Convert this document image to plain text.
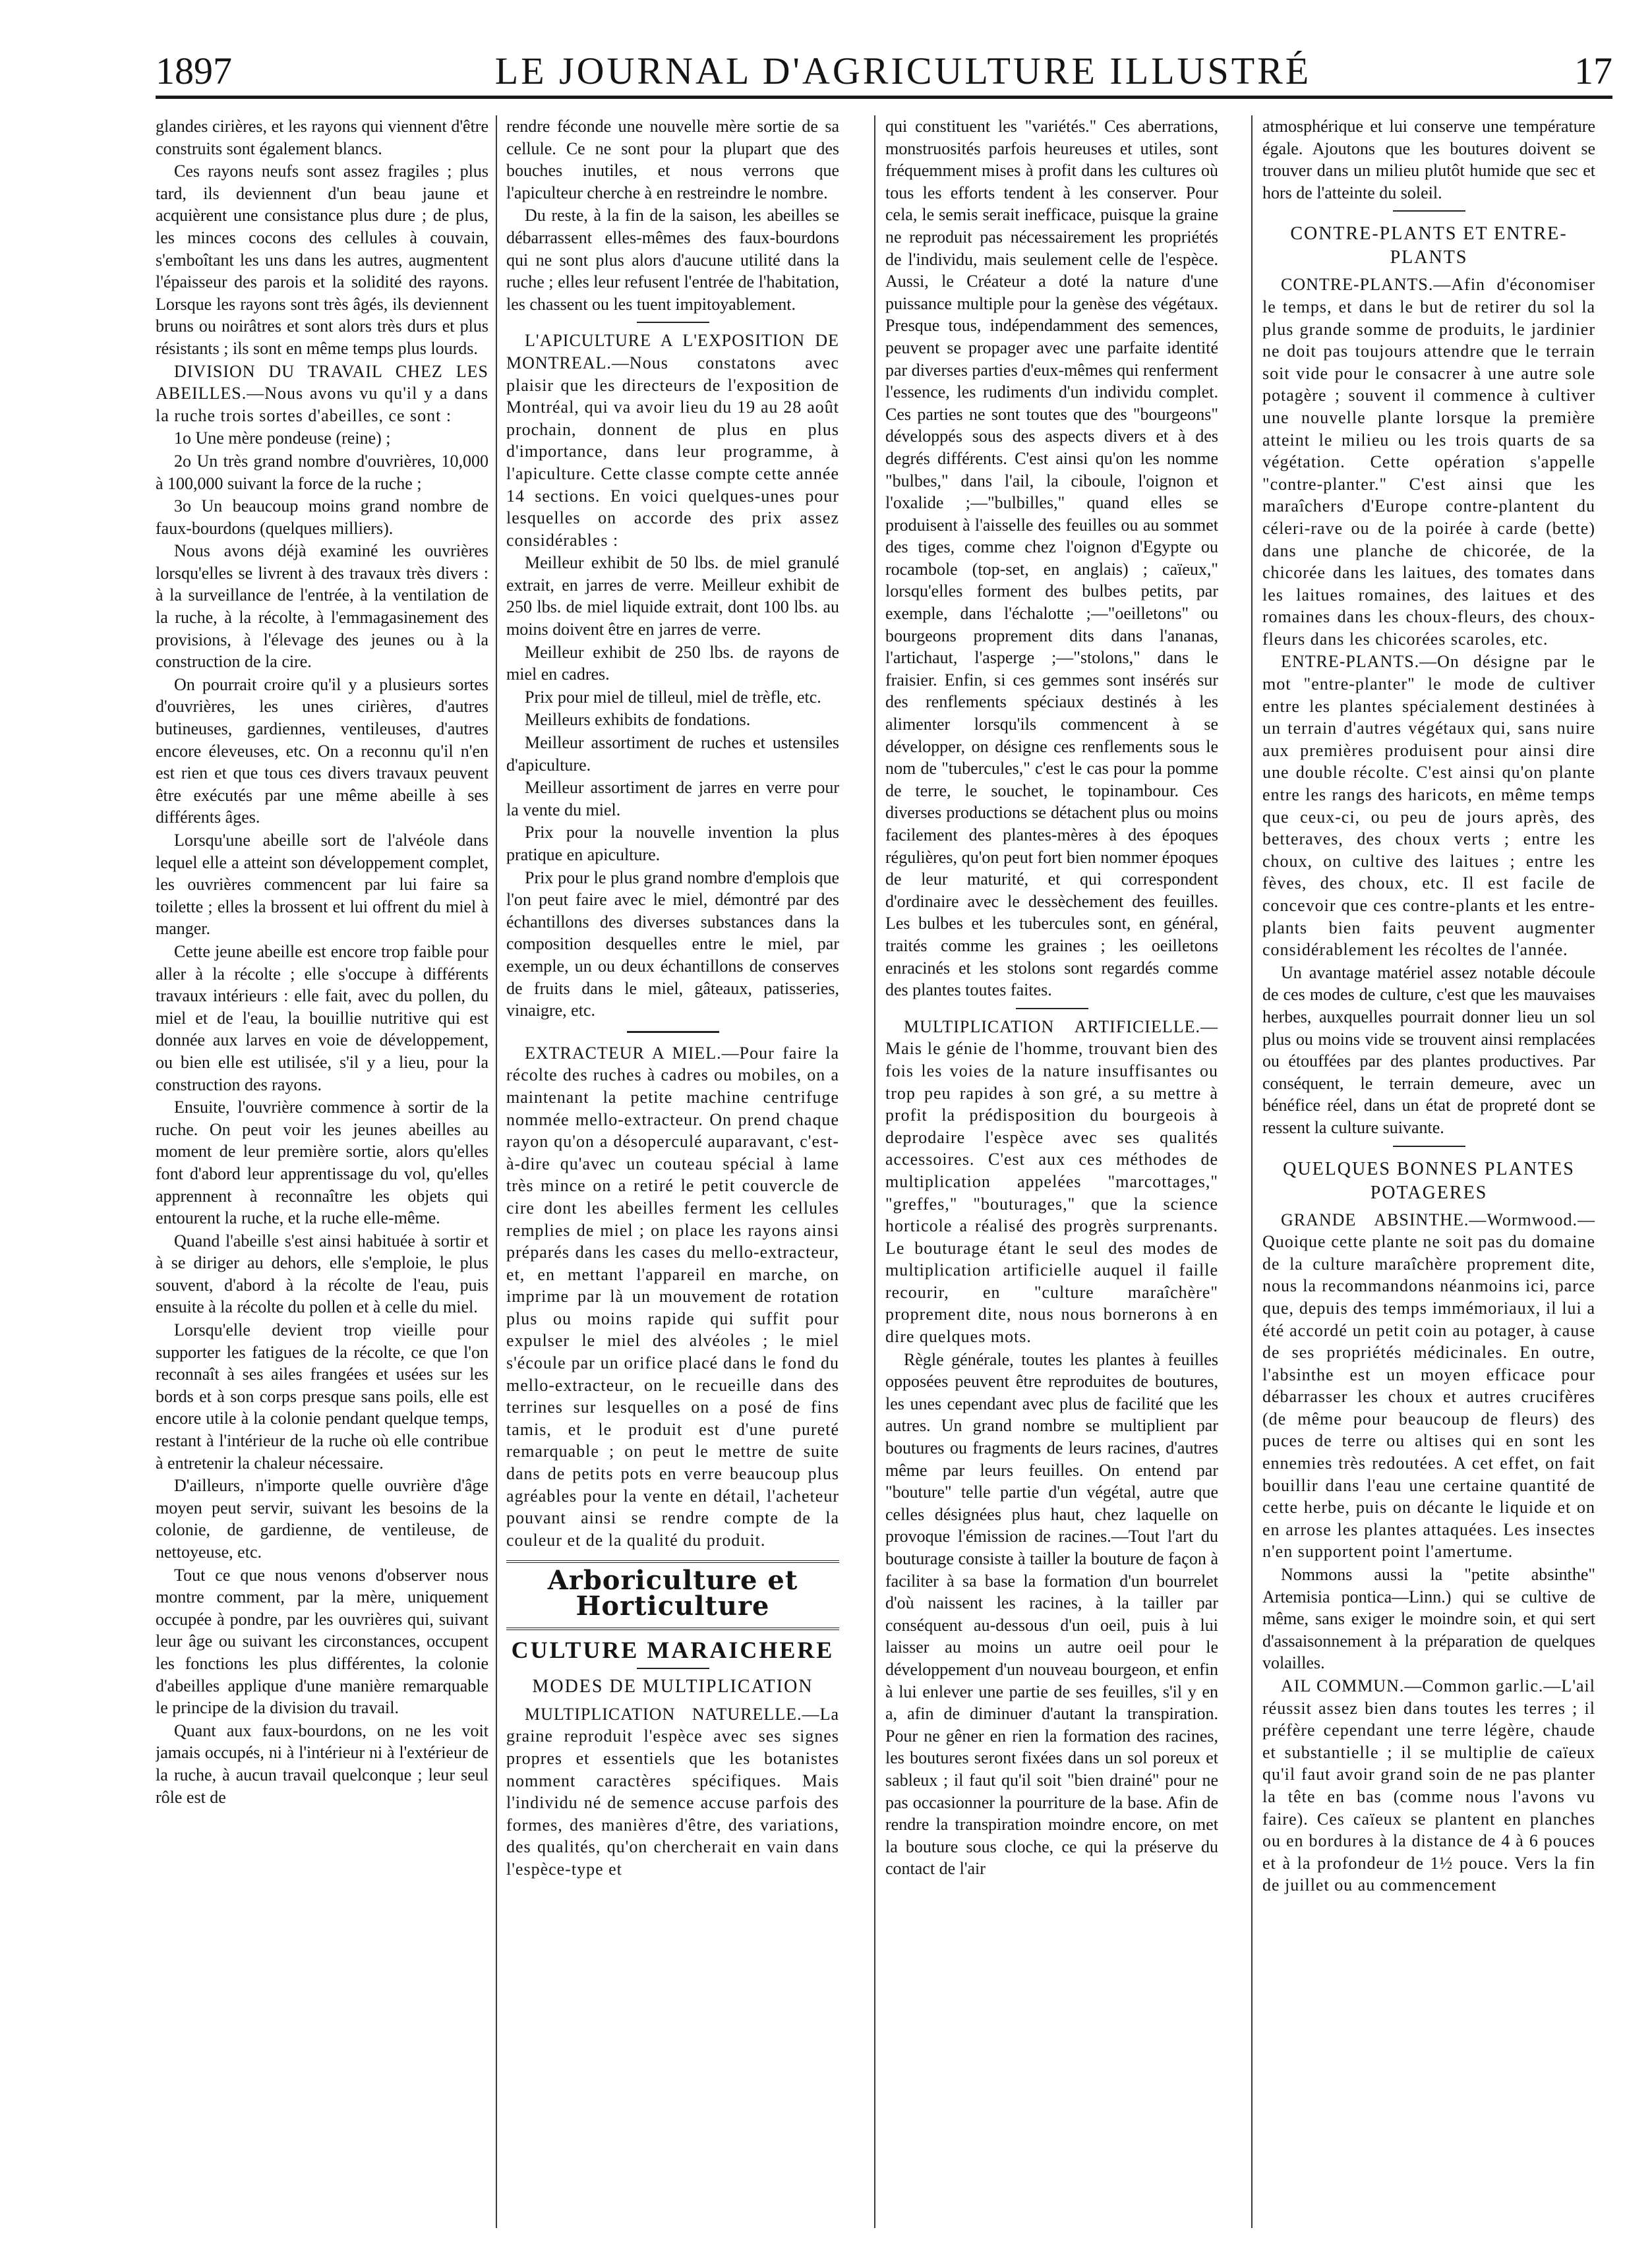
1897	LE JOURNAL D'AGRICULTURE ILLUSTRÉ	17

glandes cirières, et les rayons qui viennent d'être construits sont également blancs.

Ces rayons neufs sont assez fragiles ; plus tard, ils deviennent d'un beau jaune et acquièrent une consistance plus dure ; de plus, les minces cocons des cellules à couvain, s'emboîtant les uns dans les autres, augmentent l'épaisseur des parois et la solidité des rayons. Lorsque les rayons sont très âgés, ils deviennent bruns ou noirâtres et sont alors très durs et plus résistants ; ils sont en même temps plus lourds.

DIVISION DU TRAVAIL CHEZ LES ABEILLES.—Nous avons vu qu'il y a dans la ruche trois sortes d'abeilles, ce sont :

1o Une mère pondeuse (reine) ;

2o Un très grand nombre d'ouvrières, 10,000 à 100,000 suivant la force de la ruche ;

3o Un beaucoup moins grand nombre de faux-bourdons (quelques milliers).

Nous avons déjà examiné les ouvrières lorsqu'elles se livrent à des travaux très divers : à la surveillance de l'entrée, à la ventilation de la ruche, à la récolte, à l'emmagasinement des provisions, à l'élevage des jeunes ou à la construction de la cire.

On pourrait croire qu'il y a plusieurs sortes d'ouvrières, les unes cirières, d'autres butineuses, gardiennes, ventileuses, d'autres encore éleveuses, etc. On a reconnu qu'il n'en est rien et que tous ces divers travaux peuvent être exécutés par une même abeille à ses différents âges.

Lorsqu'une abeille sort de l'alvéole dans lequel elle a atteint son développement complet, les ouvrières commencent par lui faire sa toilette ; elles la brossent et lui offrent du miel à manger.

Cette jeune abeille est encore trop faible pour aller à la récolte ; elle s'occupe à différents travaux intérieurs : elle fait, avec du pollen, du miel et de l'eau, la bouillie nutritive qui est donnée aux larves en voie de développement, ou bien elle est utilisée, s'il y a lieu, pour la construction des rayons.

Ensuite, l'ouvrière commence à sortir de la ruche. On peut voir les jeunes abeilles au moment de leur première sortie, alors qu'elles font d'abord leur apprentissage du vol, qu'elles apprennent à reconnaître les objets qui entourent la ruche, et la ruche elle-même.

Quand l'abeille s'est ainsi habituée à sortir et à se diriger au dehors, elle s'emploie, le plus souvent, d'abord à la récolte de l'eau, puis ensuite à la récolte du pollen et à celle du miel.

Lorsqu'elle devient trop vieille pour supporter les fatigues de la récolte, ce que l'on reconnaît à ses ailes frangées et usées sur les bords et à son corps presque sans poils, elle est encore utile à la colonie pendant quelque temps, restant à l'intérieur de la ruche où elle contribue à entretenir la chaleur nécessaire.

D'ailleurs, n'importe quelle ouvrière d'âge moyen peut servir, suivant les besoins de la colonie, de gardienne, de ventileuse, de nettoyeuse, etc.

Tout ce que nous venons d'observer nous montre comment, par la mère, uniquement occupée à pondre, par les ouvrières qui, suivant leur âge ou suivant les circonstances, occupent les fonctions les plus différentes, la colonie d'abeilles applique d'une manière remarquable le principe de la division du travail.

Quant aux faux-bourdons, on ne les voit jamais occupés, ni à l'intérieur ni à l'extérieur de la ruche, à aucun travail quelconque ; leur seul rôle est de

rendre féconde une nouvelle mère sortie de sa cellule. Ce ne sont pour la plupart que des bouches inutiles, et nous verrons que l'apiculteur cherche à en restreindre le nombre.

Du reste, à la fin de la saison, les abeilles se débarrassent elles-mêmes des faux-bourdons qui ne sont plus alors d'aucune utilité dans la ruche ; elles leur refusent l'entrée de l'habitation, les chassent ou les tuent impitoyablement.

L'APICULTURE A L'EXPOSITION DE MONTREAL.—Nous constatons avec plaisir que les directeurs de l'exposition de Montréal, qui va avoir lieu du 19 au 28 août prochain, donnent de plus en plus d'importance, dans leur programme, à l'apiculture. Cette classe compte cette année 14 sections. En voici quelques-unes pour lesquelles on accorde des prix assez considérables :

Meilleur exhibit de 50 lbs. de miel granulé extrait, en jarres de verre. Meilleur exhibit de 250 lbs. de miel liquide extrait, dont 100 lbs. au moins doivent être en jarres de verre.

Meilleur exhibit de 250 lbs. de rayons de miel en cadres.

Prix pour miel de tilleul, miel de trèfle, etc.

Meilleurs exhibits de fondations.

Meilleur assortiment de ruches et ustensiles d'apiculture.

Meilleur assortiment de jarres en verre pour la vente du miel.

Prix pour la nouvelle invention la plus pratique en apiculture.

Prix pour le plus grand nombre d'emplois que l'on peut faire avec le miel, démontré par des échantillons des diverses substances dans la composition desquelles entre le miel, par exemple, un ou deux échantillons de conserves de fruits dans le miel, gâteaux, patisseries, vinaigre, etc.

EXTRACTEUR A MIEL.—Pour faire la récolte des ruches à cadres ou mobiles, on a maintenant la petite machine centrifuge nommée mello-extracteur. On prend chaque rayon qu'on a désoperculé auparavant, c'est-à-dire qu'avec un couteau spécial à lame très mince on a retiré le petit couvercle de cire dont les abeilles ferment les cellules remplies de miel ; on place les rayons ainsi préparés dans les cases du mello-extracteur, et, en mettant l'appareil en marche, on imprime par là un mouvement de rotation plus ou moins rapide qui suffit pour expulser le miel des alvéoles ; le miel s'écoule par un orifice placé dans le fond du mello-extracteur, on le recueille dans des terrines sur lesquelles on a posé de fins tamis, et le produit est d'une pureté remarquable ; on peut le mettre de suite dans de petits pots en verre beaucoup plus agréables pour la vente en détail, l'acheteur pouvant ainsi se rendre compte de la couleur et de la qualité du produit.

Arboriculture et Horticulture
CULTURE MARAICHERE
MODES DE MULTIPLICATION

MULTIPLICATION NATURELLE.—La graine reproduit l'espèce avec ses signes propres et essentiels que les botanistes nomment caractères spécifiques. Mais l'individu né de semence accuse parfois des formes, des manières d'être, des variations, des qualités, qu'on chercherait en vain dans l'espèce-type et

qui constituent les "variétés." Ces aberrations, monstruosités parfois heureuses et utiles, sont fréquemment mises à profit dans les cultures où tous les efforts tendent à les conserver. Pour cela, le semis serait inefficace, puisque la graine ne reproduit pas nécessairement les propriétés de l'individu, mais seulement celle de l'espèce. Aussi, le Créateur a doté la nature d'une puissance multiple pour la genèse des végétaux. Presque tous, indépendamment des semences, peuvent se propager avec une parfaite identité par diverses parties d'eux-mêmes qui renferment l'essence, les rudiments d'un individu complet. Ces parties ne sont toutes que des "bourgeons" développés sous des aspects divers et à des degrés différents. C'est ainsi qu'on les nomme "bulbes," dans l'ail, la ciboule, l'oignon et l'oxalide ;—"bulbilles," quand elles se produisent à l'aisselle des feuilles ou au sommet des tiges, comme chez l'oignon d'Egypte ou rocambole (top-set, en anglais) ; caïeux," lorsqu'elles forment des bulbes petits, par exemple, dans l'échalotte ;—"oeilletons" ou bourgeons proprement dits dans l'ananas, l'artichaut, l'asperge ;—"stolons," dans le fraisier. Enfin, si ces gemmes sont insérés sur des renflements spéciaux destinés à les alimenter lorsqu'ils commencent à se développer, on désigne ces renflements sous le nom de "tubercules," c'est le cas pour la pomme de terre, le souchet, le topinambour. Ces diverses productions se détachent plus ou moins facilement des plantes-mères à des époques régulières, qu'on peut fort bien nommer époques de leur maturité, et qui correspondent d'ordinaire avec le dessèchement des feuilles. Les bulbes et les tubercules sont, en général, traités comme les graines ; les oeilletons enracinés et les stolons sont regardés comme des plantes toutes faites.

MULTIPLICATION ARTIFICIELLE.—Mais le génie de l'homme, trouvant bien des fois les voies de la nature insuffisantes ou trop peu rapides à son gré, a su mettre à profit la prédisposition du bourgeois à deprodaire l'espèce avec ses qualités accessoires. C'est aux ces méthodes de multiplication appelées "marcottages," "greffes," "bouturages," que la science horticole a réalisé des progrès surprenants. Le bouturage étant le seul des modes de multiplication artificielle auquel il faille recourir, en "culture maraîchère" proprement dite, nous nous bornerons à en dire quelques mots.

Règle générale, toutes les plantes à feuilles opposées peuvent être reproduites de boutures, les unes cependant avec plus de facilité que les autres. Un grand nombre se multiplient par boutures ou fragments de leurs racines, d'autres même par leurs feuilles. On entend par "bouture" telle partie d'un végétal, autre que celles désignées plus haut, chez laquelle on provoque l'émission de racines.—Tout l'art du bouturage consiste à tailler la bouture de façon à faciliter à sa base la formation d'un bourrelet d'où naissent les racines, à la tailler par conséquent au-dessous d'un oeil, puis à lui laisser au moins un autre oeil pour le développement d'un nouveau bourgeon, et enfin à lui enlever une partie de ses feuilles, s'il y en a, afin de diminuer d'autant la transpiration. Pour ne gêner en rien la formation des racines, les boutures seront fixées dans un sol poreux et sableux ; il faut qu'il soit "bien drainé" pour ne pas occasionner la pourriture de la base. Afin de rendre la transpiration moindre encore, on met la bouture sous cloche, ce qui la préserve du contact de l'air

atmosphérique et lui conserve une température égale. Ajoutons que les boutures doivent se trouver dans un milieu plutôt humide que sec et hors de l'atteinte du soleil.

CONTRE-PLANTS ET ENTRE-PLANTS

CONTRE-PLANTS.—Afin d'économiser le temps, et dans le but de retirer du sol la plus grande somme de produits, le jardinier ne doit pas toujours attendre que le terrain soit vide pour le consacrer à une autre sole potagère ; souvent il commence à cultiver une nouvelle plante lorsque la première atteint le milieu ou les trois quarts de sa végétation. Cette opération s'appelle "contre-planter." C'est ainsi que les maraîchers d'Europe contre-plantent du céleri-rave ou de la poirée à carde (bette) dans une planche de chicorée, de la chicorée dans les laitues, des tomates dans les laitues romaines, des laitues et des romaines dans les choux-fleurs, des choux-fleurs dans les chicorées scaroles, etc.

ENTRE-PLANTS.—On désigne par le mot "entre-planter" le mode de cultiver entre les plantes spécialement destinées à un terrain d'autres végétaux qui, sans nuire aux premières produisent pour ainsi dire une double récolte. C'est ainsi qu'on plante entre les rangs des haricots, en même temps que ceux-ci, ou peu de jours après, des betteraves, des choux verts ; entre les choux, on cultive des laitues ; entre les fèves, des choux, etc. Il est facile de concevoir que ces contre-plants et les entre-plants bien faits peuvent augmenter considérablement les récoltes de l'année.

Un avantage matériel assez notable découle de ces modes de culture, c'est que les mauvaises herbes, auxquelles pourrait donner lieu un sol plus ou moins vide se trouvent ainsi remplacées ou étouffées par des plantes productives. Par conséquent, le terrain demeure, avec un bénéfice réel, dans un état de propreté dont se ressent la culture suivante.

QUELQUES BONNES PLANTES POTAGERES

GRANDE ABSINTHE.—Wormwood.—Quoique cette plante ne soit pas du domaine de la culture maraîchère proprement dite, nous la recommandons néanmoins ici, parce que, depuis des temps immémoriaux, il lui a été accordé un petit coin au potager, à cause de ses propriétés médicinales. En outre, l'absinthe est un moyen efficace pour débarrasser les choux et autres crucifères (de même pour beaucoup de fleurs) des puces de terre ou altises qui en sont les ennemies très redoutées. A cet effet, on fait bouillir dans l'eau une certaine quantité de cette herbe, puis on décante le liquide et on en arrose les plantes attaquées. Les insectes n'en supportent point l'amertume.

Nommons aussi la "petite absinthe" Artemisia pontica—Linn.) qui se cultive de même, sans exiger le moindre soin, et qui sert d'assaisonnement à la préparation de quelques volailles.

AIL COMMUN.—Common garlic.—L'ail réussit assez bien dans toutes les terres ; il préfère cependant une terre légère, chaude et substantielle ; il se multiplie de caïeux qu'il faut avoir grand soin de ne pas planter la tête en bas (comme nous l'avons vu faire). Ces caïeux se plantent en planches ou en bordures à la distance de 4 à 6 pouces et à la profondeur de 1½ pouce. Vers la fin de juillet ou au commencement
